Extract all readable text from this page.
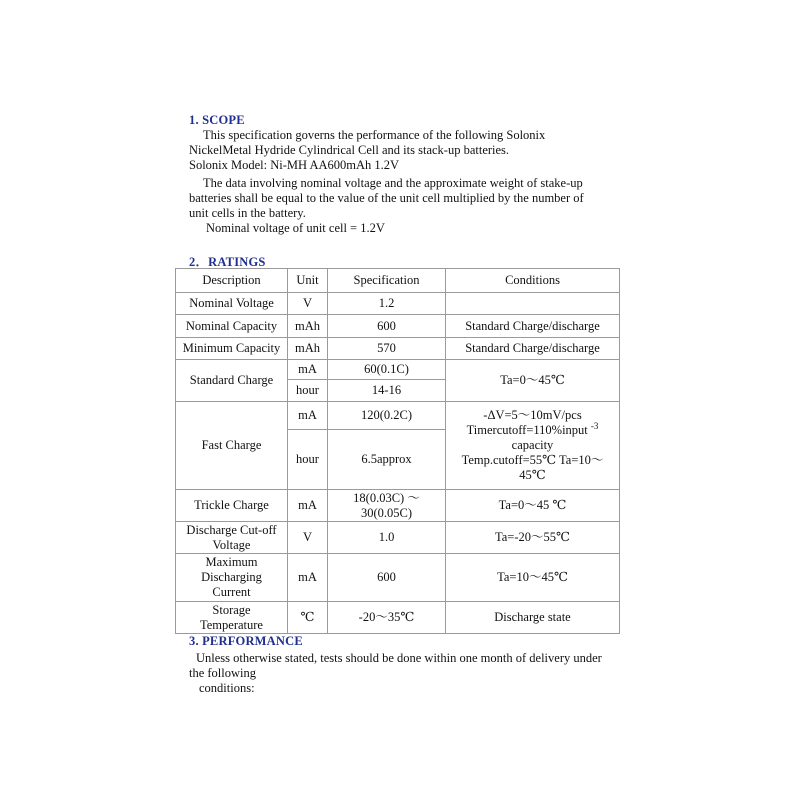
1. SCOPE
This specification governs the performance of the following Solonix
NickelMetal Hydride Cylindrical Cell and its stack-up batteries.
Solonix Model: Ni-MH AA600mAh 1.2V
The data involving nominal voltage and the approximate weight of stake-up
batteries shall be equal to the value of the unit cell multiplied by the number of
unit cells in the battery.
Nominal voltage of unit cell = 1.2V
2．RATINGS
Description	Unit	Specification	Conditions
Nominal Voltage	V	1.2	
Nominal Capacity	mAh	600	Standard Charge/discharge
Minimum Capacity	mAh	570	Standard Charge/discharge
Standard Charge	mA	60(0.1C)	Ta=0～45℃
	hour	14-16	
Fast Charge	mA	120(0.2C)	-ΔV=5～10mV/pcs
Timercutoff=110%input $^{-3}$
capacity
Temp.cutoff=55℃ Ta=10～
45℃

	hour	6.5approx	
Trickle Charge	mA	18(0.03C) ～
30(0.05C)	Ta=0～45 ℃

Discharge Cut-off
Voltage	V	1.0	Ta=-20～55℃

Maximum
Discharging
Current	mA	600	Ta=10～45℃

Storage
Temperature	℃	-20～35℃	Discharge state
3. PERFORMANCE
Unless otherwise stated, tests should be done within one month of delivery under
the following
conditions:
